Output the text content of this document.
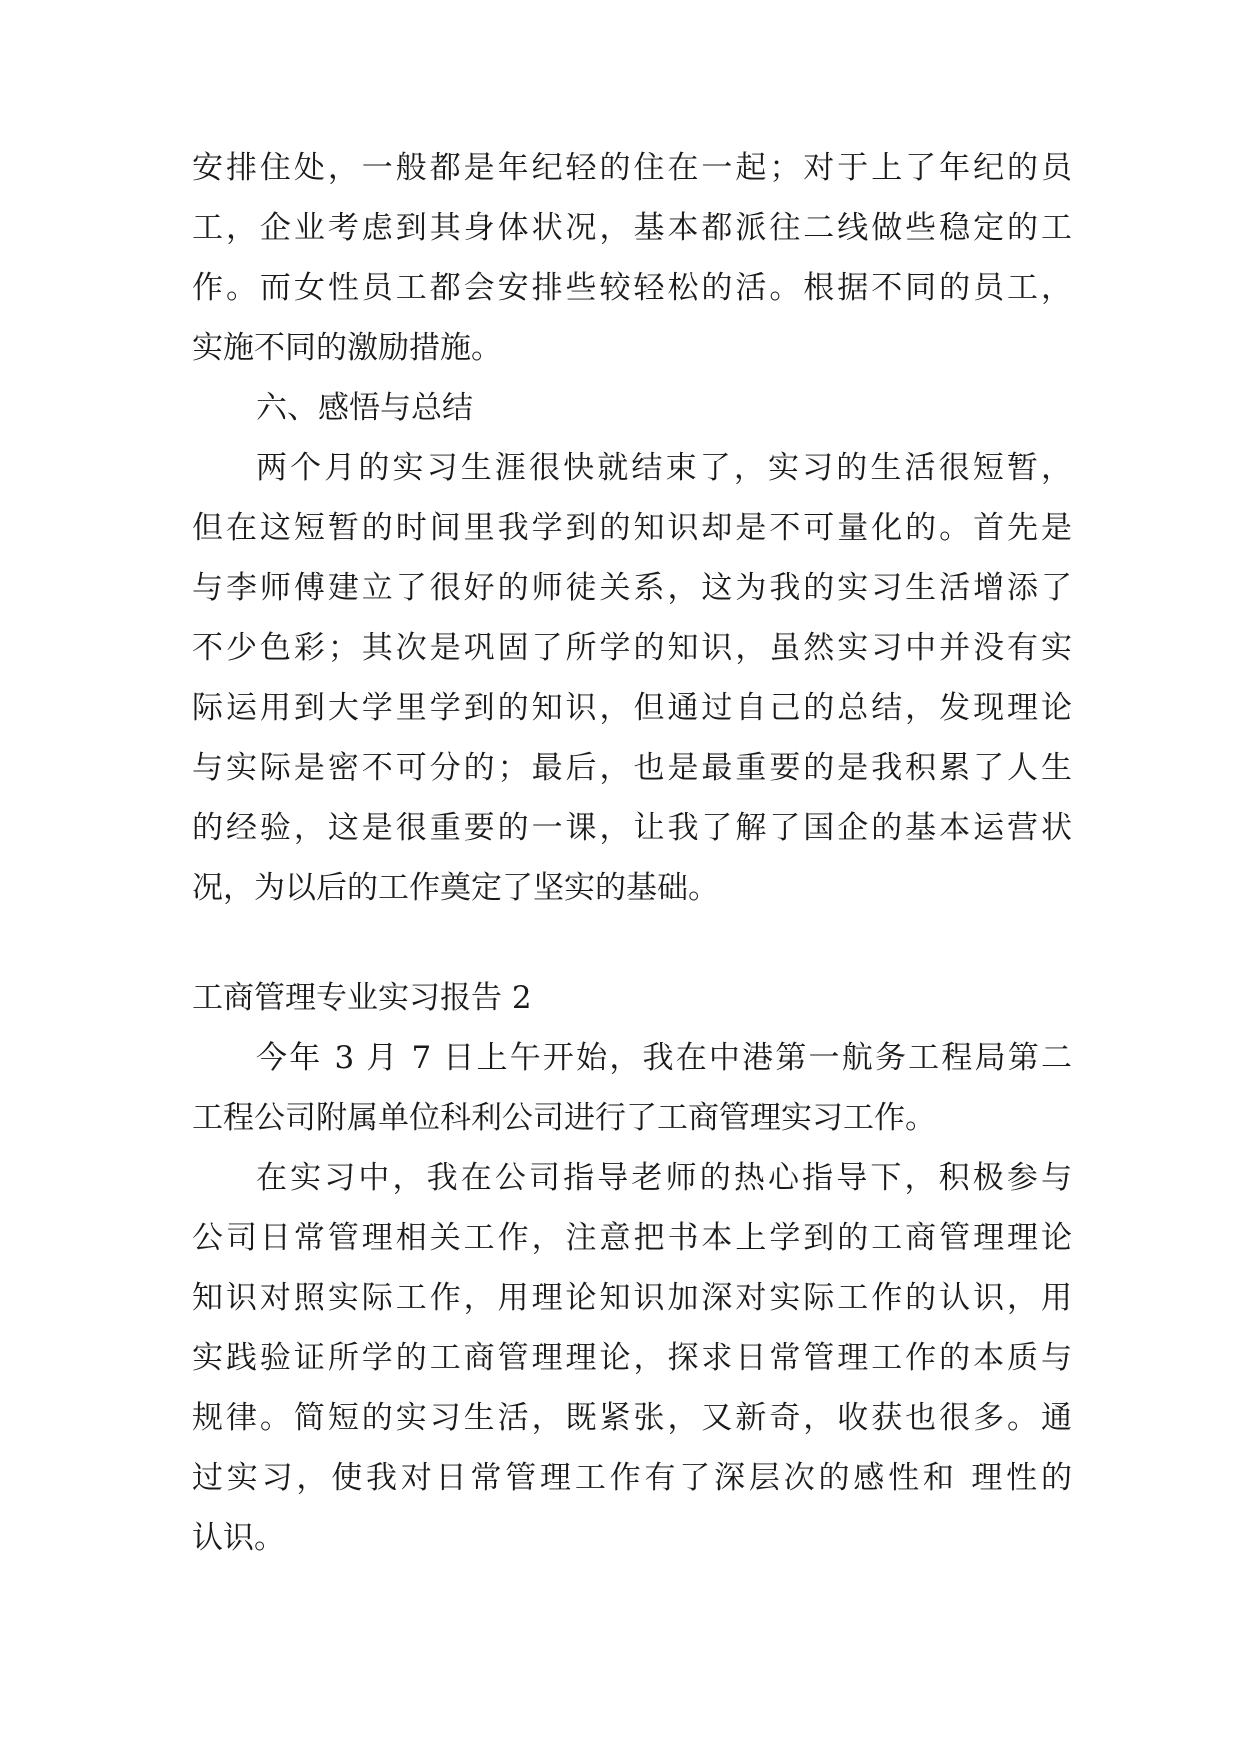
安排住处，一般都是年纪轻的住在一起；对于上了年纪的员
工，企业考虑到其身体状况，基本都派往二线做些稳定的工
作。而女性员工都会安排些较轻松的活。根据不同的员工，
实施不同的激励措施。
六、感悟与总结
两个月的实习生涯很快就结束了，实习的生活很短暂，
但在这短暂的时间里我学到的知识却是不可量化的。首先是
与李师傅建立了很好的师徒关系，这为我的实习生活增添了
不少色彩；其次是巩固了所学的知识，虽然实习中并没有实
际运用到大学里学到的知识，但通过自己的总结，发现理论
与实际是密不可分的；最后，也是最重要的是我积累了人生
的经验，这是很重要的一课，让我了解了国企的基本运营状
况，为以后的工作奠定了坚实的基础。
工商管理专业实习报告 2
今年 3 月 7 日上午开始，我在中港第一航务工程局第二
工程公司附属单位科利公司进行了工商管理实习工作。
在实习中，我在公司指导老师的热心指导下，积极参与
公司日常管理相关工作，注意把书本上学到的工商管理理论
知识对照实际工作，用理论知识加深对实际工作的认识，用
实践验证所学的工商管理理论，探求日常管理工作的本质与
规律。简短的实习生活，既紧张，又新奇，收获也很多。通
过实习，使我对日常管理工作有了深层次的感性和 理性的
认识。
